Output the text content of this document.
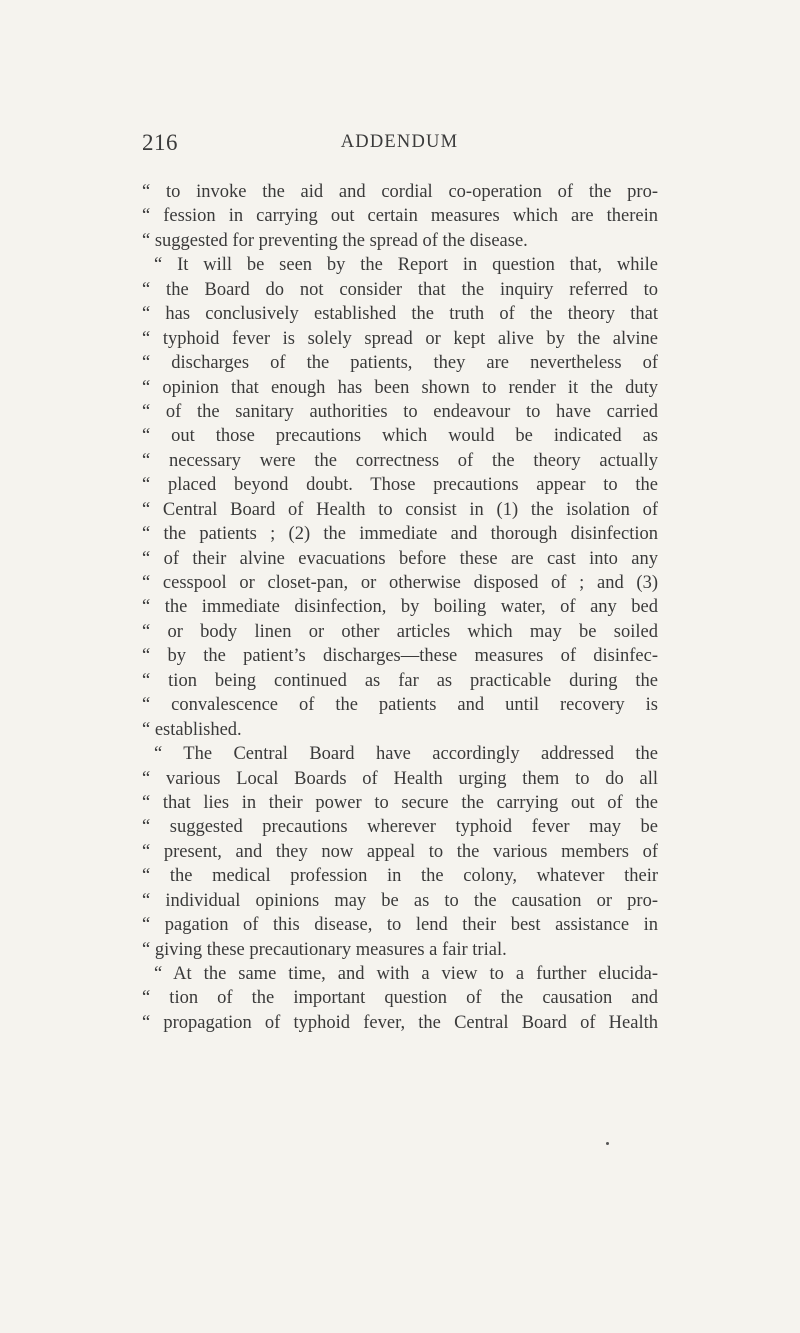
216	ADDENDUM
“ to invoke the aid and cordial co-operation of the pro-
“ fession in carrying out certain measures which are therein
“ suggested for preventing the spread of the disease.
“ It will be seen by the Report in question that, while
“ the Board do not consider that the inquiry referred to
“ has conclusively established the truth of the theory that
“ typhoid fever is solely spread or kept alive by the alvine
“ discharges of the patients, they are nevertheless of
“ opinion that enough has been shown to render it the duty
“ of the sanitary authorities to endeavour to have carried
“ out those precautions which would be indicated as
“ necessary were the correctness of the theory actually
“ placed beyond doubt. Those precautions appear to the
“ Central Board of Health to consist in (1) the isolation of
“ the patients ; (2) the immediate and thorough disinfection
“ of their alvine evacuations before these are cast into any
“ cesspool or closet-pan, or otherwise disposed of ; and (3)
“ the immediate disinfection, by boiling water, of any bed
“ or body linen or other articles which may be soiled
“ by the patient’s discharges—these measures of disinfec-
“ tion being continued as far as practicable during the
“ convalescence of the patients and until recovery is
“ established.
“ The Central Board have accordingly addressed the
“ various Local Boards of Health urging them to do all
“ that lies in their power to secure the carrying out of the
“ suggested precautions wherever typhoid fever may be
“ present, and they now appeal to the various members of
“ the medical profession in the colony, whatever their
“ individual opinions may be as to the causation or pro-
“ pagation of this disease, to lend their best assistance in
“ giving these precautionary measures a fair trial.
“ At the same time, and with a view to a further elucida-
“ tion of the important question of the causation and
“ propagation of typhoid fever, the Central Board of Health
